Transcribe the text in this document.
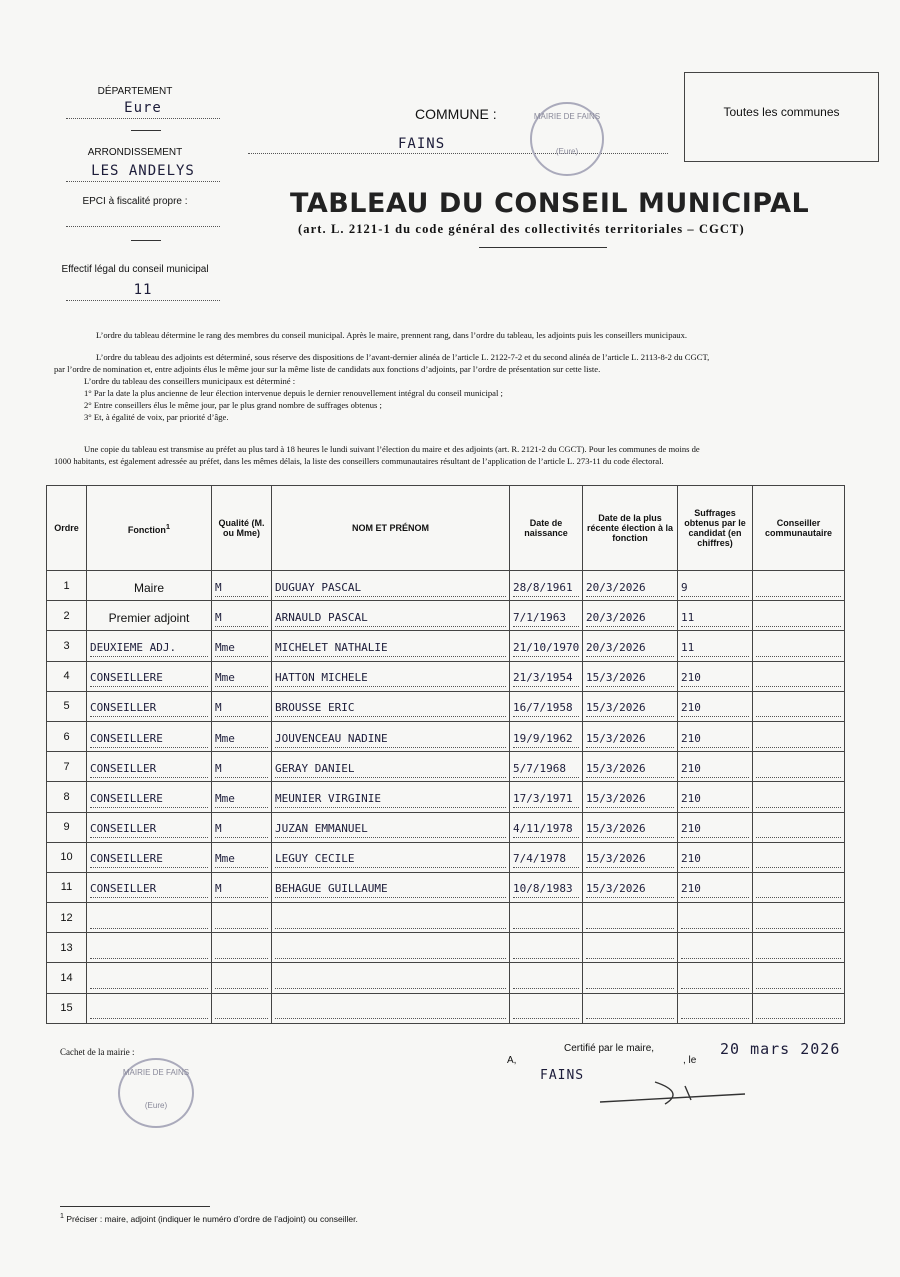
DÉPARTEMENT
Eure
ARRONDISSEMENT
LES ANDELYS
EPCI à fiscalité propre :
Effectif légal du conseil municipal
11
COMMUNE :
FAINS
MAIRIE DE FAINS
(Eure)
Toutes les communes
TABLEAU DU CONSEIL MUNICIPAL
(art. L. 2121-1 du code général des collectivités territoriales – CGCT)
L’ordre du tableau détermine le rang des membres du conseil municipal. Après le maire, prennent rang, dans l’ordre du tableau, les adjoints puis les conseillers municipaux.
L’ordre du tableau des adjoints est déterminé, sous réserve des dispositions de l’avant-dernier alinéa de l’article L. 2122-7-2 et du second alinéa de l’article L. 2113-8-2 du CGCT,
par l’ordre de nomination et, entre adjoints élus le même jour sur la même liste de candidats aux fonctions d’adjoints, par l’ordre de présentation sur cette liste.
L’ordre du tableau des conseillers municipaux est déterminé :
1° Par la date la plus ancienne de leur élection intervenue depuis le dernier renouvellement intégral du conseil municipal ;
2° Entre conseillers élus le même jour, par le plus grand nombre de suffrages obtenus ;
3° Et, à égalité de voix, par priorité d’âge.
Une copie du tableau est transmise au préfet au plus tard à 18 heures le lundi suivant l’élection du maire et des adjoints (art. R. 2121-2 du CGCT). Pour les communes de moins de
1000 habitants, est également adressée au préfet, dans les mêmes délais, la liste des conseillers communautaires résultant de l’application de l’article L. 273-11 du code électoral.
Ordre	Fonction$^1$	Qualité (M. ou Mme)	NOM ET PRÉNOM	Date de naissance	Date de la plus récente élection à la fonction	Suffrages obtenus par le candidat (en chiffres)	Conseiller communautaire
1	Maire	M	DUGUAY PASCAL	28/8/1961	20/3/2026	9	

2	Premier adjoint	M	ARNAULD PASCAL	7/1/1963	20/3/2026	11	

3	DEUXIEME ADJ.	Mme	MICHELET NATHALIE	21/10/1970	20/3/2026	11	

4	CONSEILLERE	Mme	HATTON MICHELE	21/3/1954	15/3/2026	210	

5	CONSEILLER	M	BROUSSE ERIC	16/7/1958	15/3/2026	210	

6	CONSEILLERE	Mme	JOUVENCEAU NADINE	19/9/1962	15/3/2026	210	

7	CONSEILLER	M	GERAY DANIEL	5/7/1968	15/3/2026	210	

8	CONSEILLERE	Mme	MEUNIER VIRGINIE	17/3/1971	15/3/2026	210	

9	CONSEILLER	M	JUZAN EMMANUEL	4/11/1978	15/3/2026	210	

10	CONSEILLERE	Mme	LEGUY CECILE	7/4/1978	15/3/2026	210	

11	CONSEILLER	M	BEHAGUE GUILLAUME	10/8/1983	15/3/2026	210	

12	

13	

14	

15	

Cachet de la mairie :
MAIRIE DE FAINS
(Eure)
Certifié par le maire,
A,	, le
20 mars 2026
FAINS
$^1$ Préciser : maire, adjoint (indiquer le numéro d’ordre de l’adjoint) ou conseiller.
